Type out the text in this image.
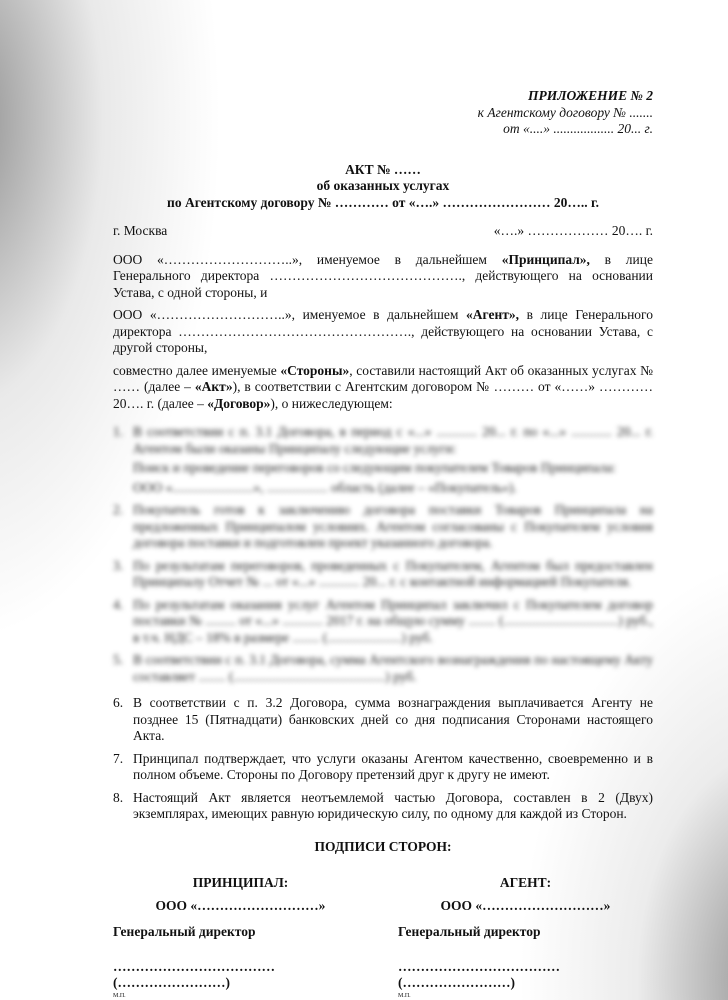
ПРИЛОЖЕНИЕ № 2
к Агентскому договору № .......
от «....» .................. 20... г.
АКТ № ……
об оказанных услугах
по Агентскому договору № ………… от «….» …………………… 20….. г.
г. Москва	«….» ……………… 20…. г.
ООО «………………………..», именуемое в дальнейшем «Принципал», в лице Генерального директора ……………………………………., действующего на основании Устава, с одной стороны, и
ООО «………………………..», именуемое в дальнейшем «Агент», в лице Генерального директора ……………………………………………., действующего на основании Устава, с другой стороны,
совместно далее именуемые «Стороны», составили настоящий Акт об оказанных услугах № …… (далее – «Акт»), в соответствии с Агентским договором № ……… от «……» ………… 20…. г. (далее – «Договор»), о нижеследующем:
1. В соответствии с п. 3.1 Договора, в период с «...» ............ 20... г. по «...» ............ 20... г. Агентом были оказаны Принципалу следующие услуги:
Поиск и проведение переговоров со следующим покупателем Товаров Принципала:
ООО «........................», .................. область (далее – «Покупатель»).
2. Покупатель готов к заключению договора поставки Товаров Принципала на предложенных Принципалом условиях. Агентом согласованы с Покупателем условия договора поставки и подготовлен проект указанного договора.
3. По результатам переговоров, проведенных с Покупателем, Агентом был предоставлен Принципалу Отчет № ... от «...» ............ 20... г. с контактной информацией Покупателя.
4. По результатам оказания услуг Агентом Принципал заключил с Покупателем договор поставки № ......... от «...» ............ 2017 г. на общую сумму ........ (..................................) руб., в т.ч. НДС – 18% в размере ........ (......................) руб.
5. В соответствии с п. 3.1 Договора, сумма Агентского вознаграждения по настоящему Акту составляет ........ (.............................................) руб.
6. В соответствии с п. 3.2 Договора, сумма вознаграждения выплачивается Агенту не позднее 15 (Пятнадцати) банковских дней со дня подписания Сторонами настоящего Акта.
7. Принципал подтверждает, что услуги оказаны Агентом качественно, своевременно и в полном объеме. Стороны по Договору претензий друг к другу не имеют.
8. Настоящий Акт является неотъемлемой частью Договора, составлен в 2 (Двух) экземплярах, имеющих равную юридическую силу, по одному для каждой из Сторон.
ПОДПИСИ СТОРОН:
ПРИНЦИПАЛ:
ООО «………………………»
Генеральный директор
……………………………… (……………………)
М.П.
АГЕНТ:
ООО «………………………»
Генеральный директор
……………………………… (……………………)
М.П.
